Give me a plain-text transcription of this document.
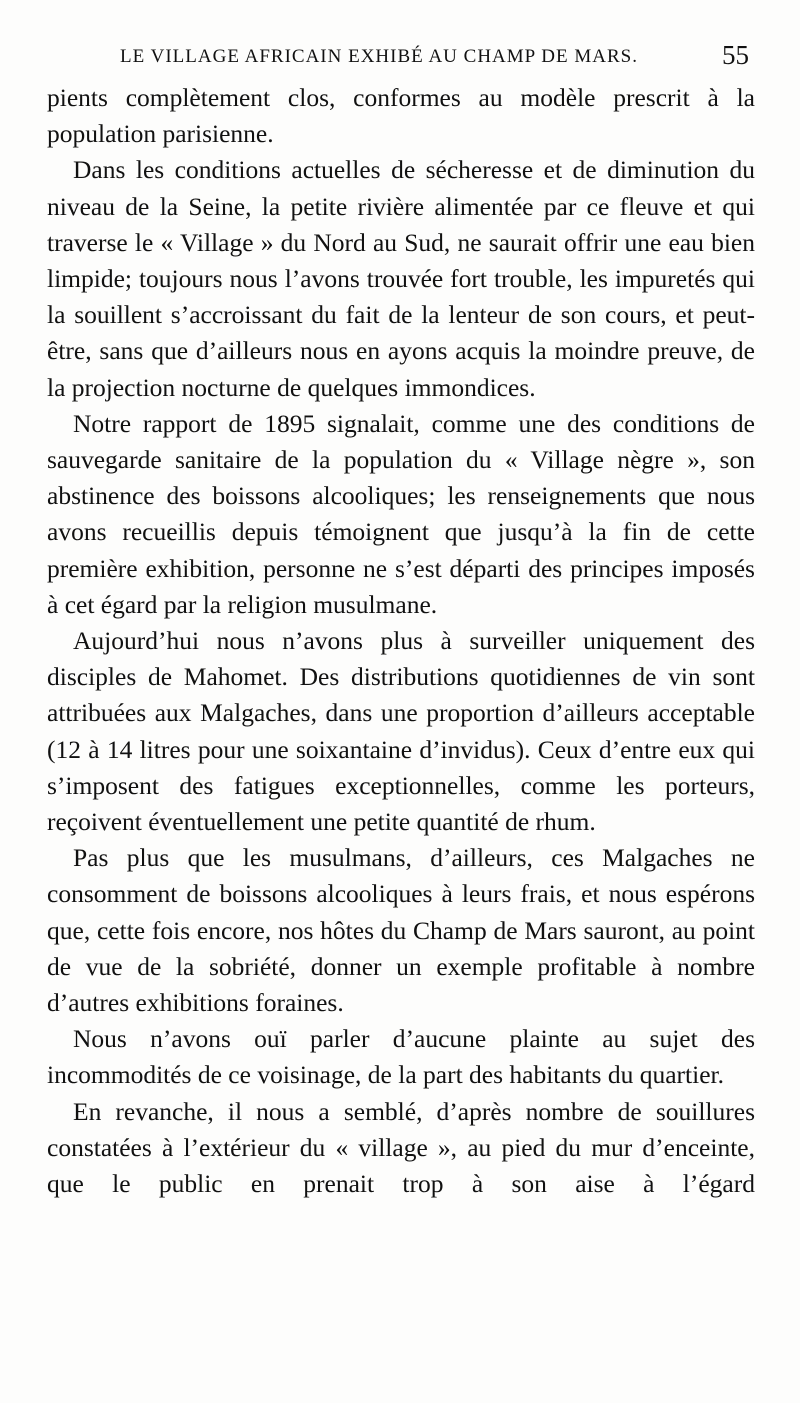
LE VILLAGE AFRICAIN EXHIBÉ AU CHAMP DE MARS.	55

pients complètement clos, conformes au modèle prescrit à la population parisienne.

Dans les conditions actuelles de sécheresse et de diminution du niveau de la Seine, la petite rivière alimentée par ce fleuve et qui traverse le « Village » du Nord au Sud, ne saurait offrir une eau bien limpide; toujours nous l’avons trouvée fort trouble, les impuretés qui la souillent s’accroissant du fait de la lenteur de son cours, et peut-être, sans que d’ailleurs nous en ayons acquis la moindre preuve, de la projection nocturne de quelques immondices.

Notre rapport de 1895 signalait, comme une des conditions de sauvegarde sanitaire de la population du « Village nègre », son abstinence des boissons alcooliques; les renseignements que nous avons recueillis depuis témoignent que jusqu’à la fin de cette première exhibition, personne ne s’est départi des principes imposés à cet égard par la religion musulmane.

Aujourd’hui nous n’avons plus à surveiller uniquement des disciples de Mahomet. Des distributions quotidiennes de vin sont attribuées aux Malgaches, dans une proportion d’ailleurs acceptable (12 à 14 litres pour une soixantaine d’invidus). Ceux d’entre eux qui s’imposent des fatigues exceptionnelles, comme les porteurs, reçoivent éventuellement une petite quantité de rhum.

Pas plus que les musulmans, d’ailleurs, ces Malgaches ne consomment de boissons alcooliques à leurs frais, et nous espérons que, cette fois encore, nos hôtes du Champ de Mars sauront, au point de vue de la sobriété, donner un exemple profitable à nombre d’autres exhibitions foraines.

Nous n’avons ouï parler d’aucune plainte au sujet des incommodités de ce voisinage, de la part des habitants du quartier.

En revanche, il nous a semblé, d’après nombre de souillures constatées à l’extérieur du « village », au pied du mur d’enceinte, que le public en prenait trop à son aise à l’égard
